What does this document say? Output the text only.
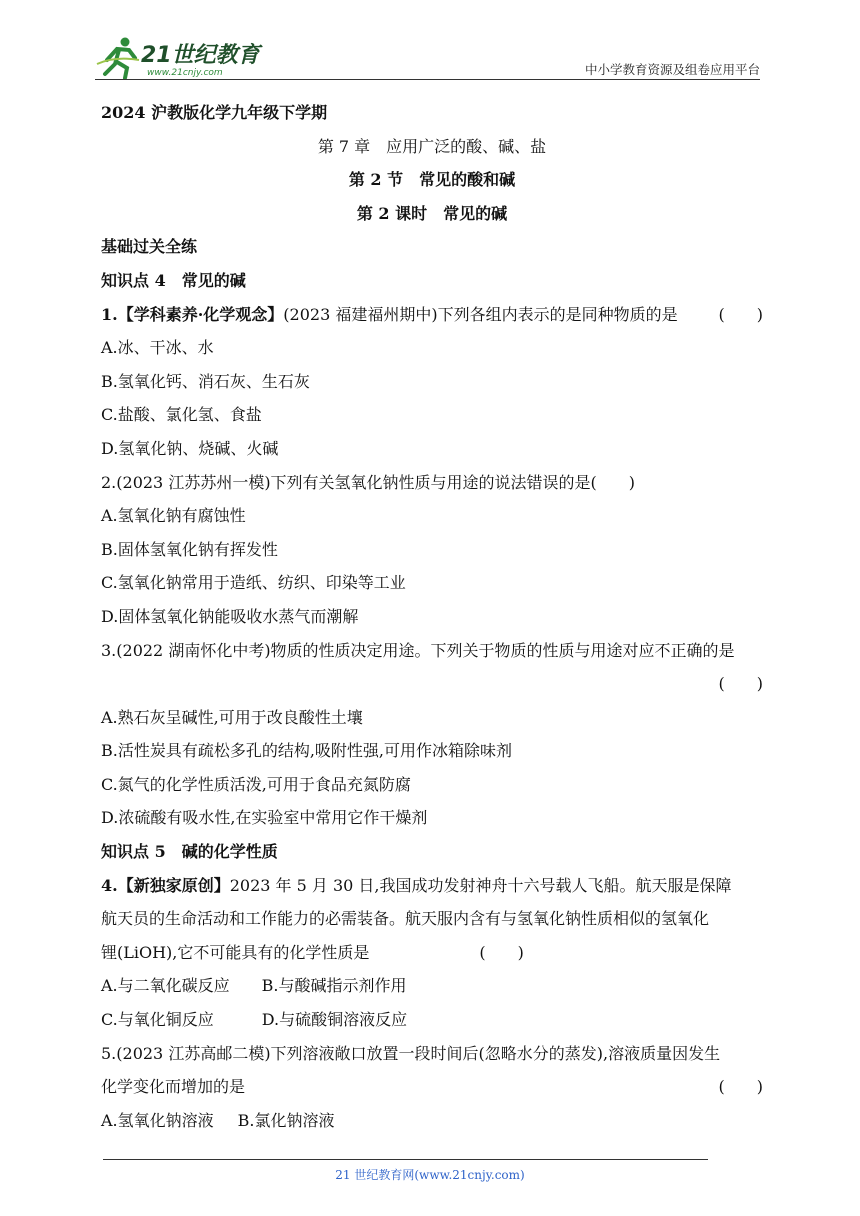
21世纪教育
www.21cnjy.com	中小学教育资源及组卷应用平台
2024 沪教版化学九年级下学期
第 7 章　应用广泛的酸、碱、盐
第 2 节　常见的酸和碱
第 2 课时　常见的碱
基础过关全练
知识点 4　常见的碱
1.【学科素养·化学观念】(2023 福建福州期中)下列各组内表示的是同种物质的是	(　　)
A.冰、干冰、水
B.氢氧化钙、消石灰、生石灰
C.盐酸、氯化氢、食盐
D.氢氧化钠、烧碱、火碱
2.(2023 江苏苏州一模)下列有关氢氧化钠性质与用途的说法错误的是(　　)
A.氢氧化钠有腐蚀性
B.固体氢氧化钠有挥发性
C.氢氧化钠常用于造纸、纺织、印染等工业
D.固体氢氧化钠能吸收水蒸气而潮解
3.(2022 湖南怀化中考)物质的性质决定用途。下列关于物质的性质与用途对应不正确的是
(　　)
A.熟石灰呈碱性,可用于改良酸性土壤
B.活性炭具有疏松多孔的结构,吸附性强,可用作冰箱除味剂
C.氮气的化学性质活泼,可用于食品充氮防腐
D.浓硫酸有吸水性,在实验室中常用它作干燥剂
知识点 5　碱的化学性质
4.【新独家原创】2023 年 5 月 30 日,我国成功发射神舟十六号载人飞船。航天服是保障
航天员的生命活动和工作能力的必需装备。航天服内含有与氢氧化钠性质相似的氢氧化
锂(LiOH),它不可能具有的化学性质是	(　　)
A.与二氧化碳反应 B.与酸碱指示剂作用
C.与氧化铜反应	D.与硫酸铜溶液反应
5.(2023 江苏高邮二模)下列溶液敞口放置一段时间后(忽略水分的蒸发),溶液质量因发生
化学变化而增加的是	(　　)
A.氢氧化钠溶液 B.氯化钠溶液
21 世纪教育网(www.21cnjy.com)
